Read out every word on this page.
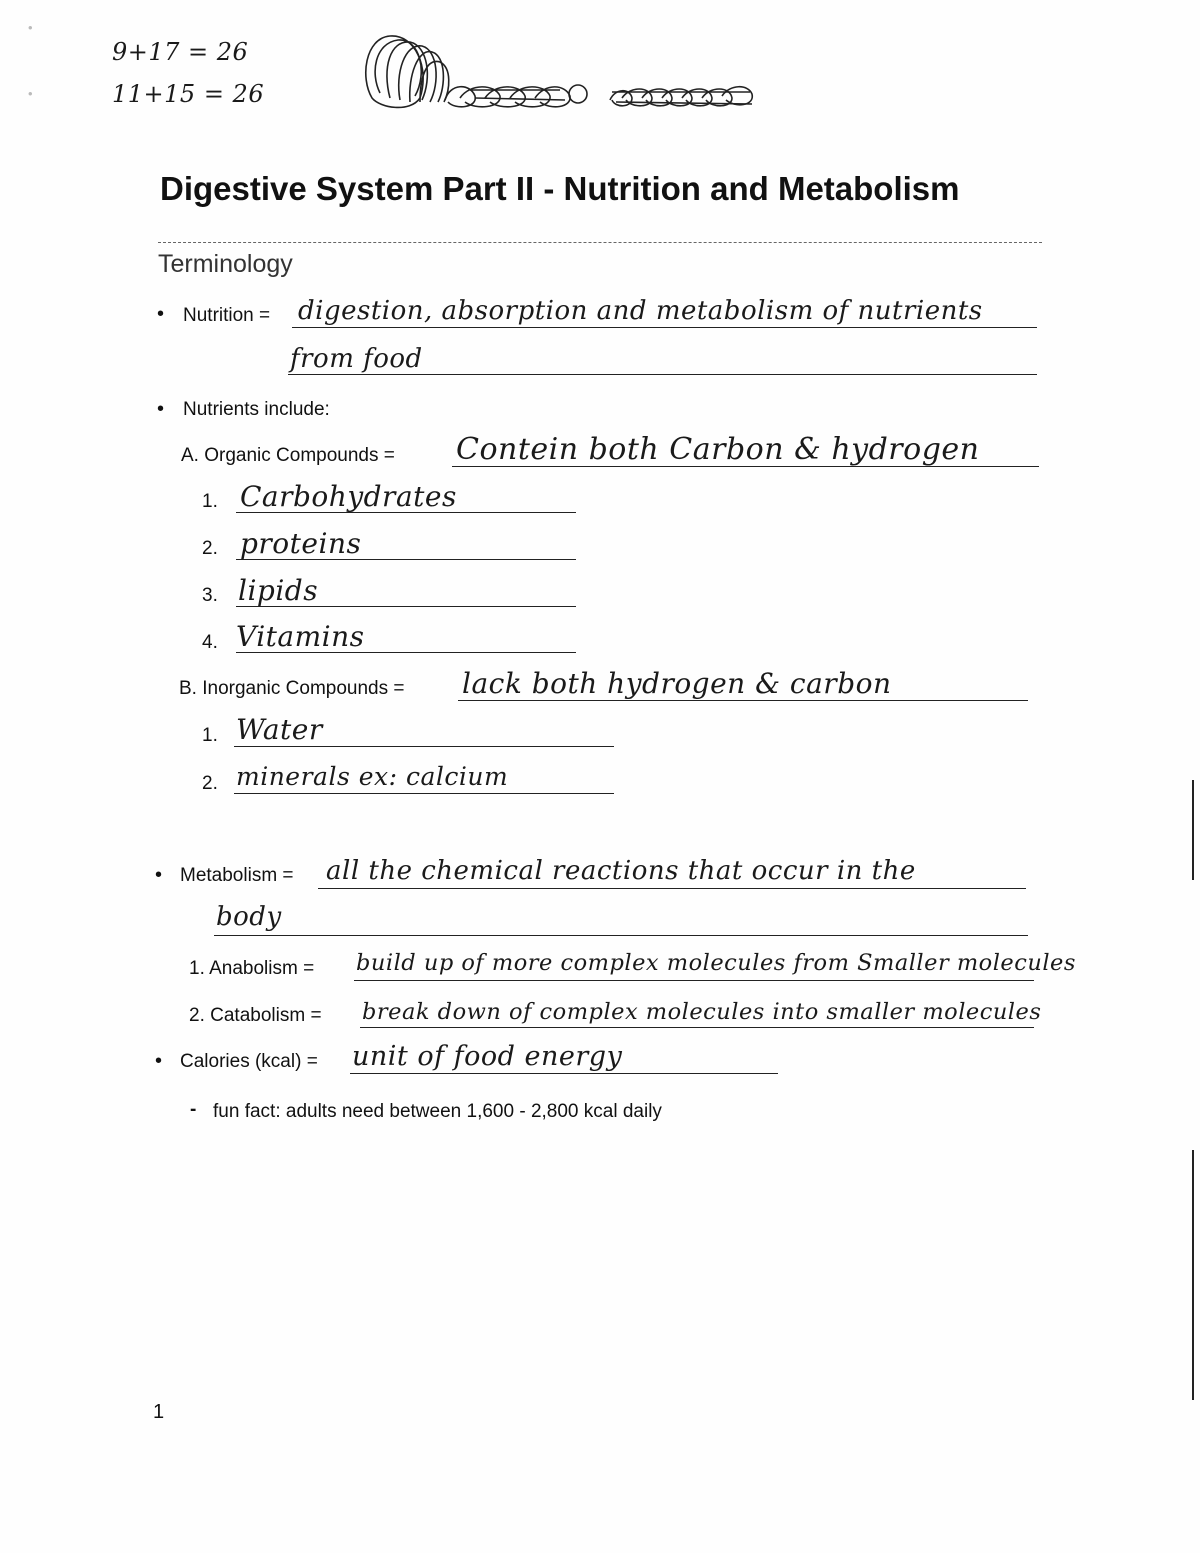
•
•
9+17 = 26
11+15 = 26
Digestive System Part II - Nutrition and Metabolism
Terminology
• Nutrition = digestion, absorption and metabolism of nutrients
from food
• Nutrients include:
A. Organic Compounds = Contein both Carbon & hydrogen
1. Carbohydrates
2. proteins
3. lipids
4. Vitamins
B. Inorganic Compounds = lack both hydrogen & carbon
1. Water
2. minerals ex: calcium
• Metabolism = all the chemical reactions that occur in the
body
1. Anabolism = build up of more complex molecules from Smaller molecules
2. Catabolism = break down of complex molecules into smaller molecules
• Calories (kcal) = unit of food energy
- fun fact: adults need between 1,600 - 2,800 kcal daily
1
